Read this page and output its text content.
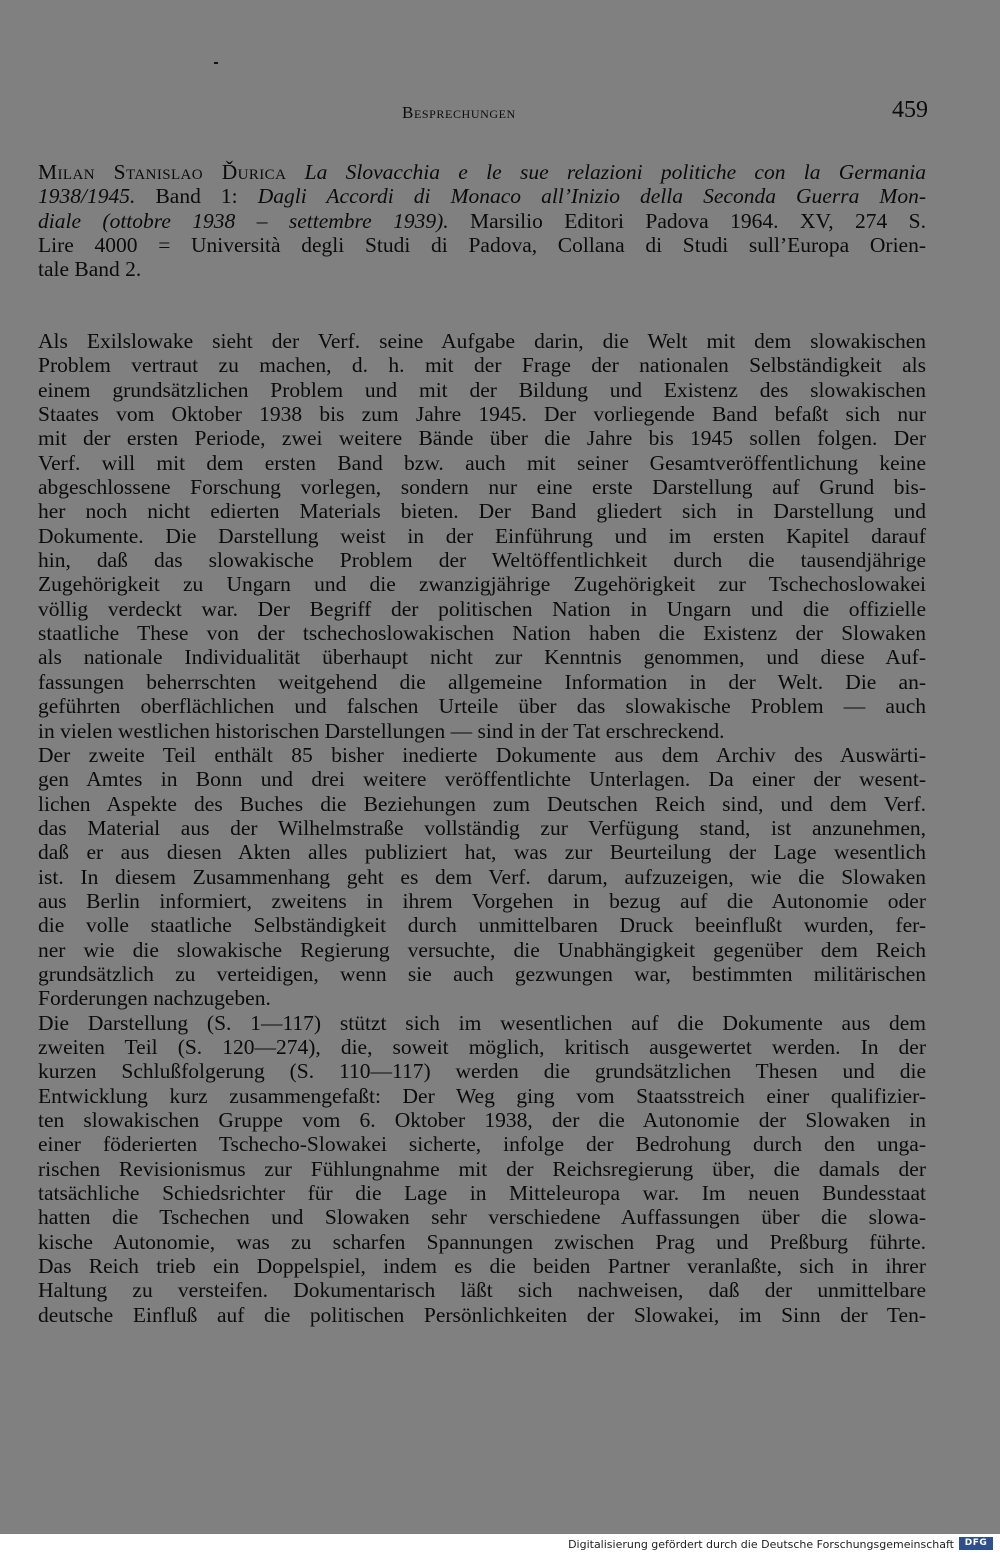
Besprechungen	459
Milan Stanislao Ďurica La Slovacchia e le sue relazioni politiche con la Germania
1938/1945. Band 1: Dagli Accordi di Monaco all’Inizio della Seconda Guerra Mon-
diale (ottobre 1938 – settembre 1939). Marsilio Editori Padova 1964. XV, 274 S.
Lire 4000 = Università degli Studi di Padova, Collana di Studi sull’Europa Orien-
tale Band 2.
Als Exilslowake sieht der Verf. seine Aufgabe darin, die Welt mit dem slowakischen
Problem vertraut zu machen, d. h. mit der Frage der nationalen Selbständigkeit als
einem grundsätzlichen Problem und mit der Bildung und Existenz des slowakischen
Staates vom Oktober 1938 bis zum Jahre 1945. Der vorliegende Band befaßt sich nur
mit der ersten Periode, zwei weitere Bände über die Jahre bis 1945 sollen folgen. Der
Verf. will mit dem ersten Band bzw. auch mit seiner Gesamtveröffentlichung keine
abgeschlossene Forschung vorlegen, sondern nur eine erste Darstellung auf Grund bis-
her noch nicht edierten Materials bieten. Der Band gliedert sich in Darstellung und
Dokumente. Die Darstellung weist in der Einführung und im ersten Kapitel darauf
hin, daß das slowakische Problem der Weltöffentlichkeit durch die tausendjährige
Zugehörigkeit zu Ungarn und die zwanzigjährige Zugehörigkeit zur Tschechoslowakei
völlig verdeckt war. Der Begriff der politischen Nation in Ungarn und die offizielle
staatliche These von der tschechoslowakischen Nation haben die Existenz der Slowaken
als nationale Individualität überhaupt nicht zur Kenntnis genommen, und diese Auf-
fassungen beherrschten weitgehend die allgemeine Information in der Welt. Die an-
geführten oberflächlichen und falschen Urteile über das slowakische Problem — auch
in vielen westlichen historischen Darstellungen — sind in der Tat erschreckend.
Der zweite Teil enthält 85 bisher inedierte Dokumente aus dem Archiv des Auswärti-
gen Amtes in Bonn und drei weitere veröffentlichte Unterlagen. Da einer der wesent-
lichen Aspekte des Buches die Beziehungen zum Deutschen Reich sind, und dem Verf.
das Material aus der Wilhelmstraße vollständig zur Verfügung stand, ist anzunehmen,
daß er aus diesen Akten alles publiziert hat, was zur Beurteilung der Lage wesentlich
ist. In diesem Zusammenhang geht es dem Verf. darum, aufzuzeigen, wie die Slowaken
aus Berlin informiert, zweitens in ihrem Vorgehen in bezug auf die Autonomie oder
die volle staatliche Selbständigkeit durch unmittelbaren Druck beeinflußt wurden, fer-
ner wie die slowakische Regierung versuchte, die Unabhängigkeit gegenüber dem Reich
grundsätzlich zu verteidigen, wenn sie auch gezwungen war, bestimmten militärischen
Forderungen nachzugeben.
Die Darstellung (S. 1—117) stützt sich im wesentlichen auf die Dokumente aus dem
zweiten Teil (S. 120—274), die, soweit möglich, kritisch ausgewertet werden. In der
kurzen Schlußfolgerung (S. 110—117) werden die grundsätzlichen Thesen und die
Entwicklung kurz zusammengefaßt: Der Weg ging vom Staatsstreich einer qualifizier-
ten slowakischen Gruppe vom 6. Oktober 1938, der die Autonomie der Slowaken in
einer föderierten Tschecho-Slowakei sicherte, infolge der Bedrohung durch den unga-
rischen Revisionismus zur Fühlungnahme mit der Reichsregierung über, die damals der
tatsächliche Schiedsrichter für die Lage in Mitteleuropa war. Im neuen Bundesstaat
hatten die Tschechen und Slowaken sehr verschiedene Auffassungen über die slowa-
kische Autonomie, was zu scharfen Spannungen zwischen Prag und Preßburg führte.
Das Reich trieb ein Doppelspiel, indem es die beiden Partner veranlaßte, sich in ihrer
Haltung zu versteifen. Dokumentarisch läßt sich nachweisen, daß der unmittelbare
deutsche Einfluß auf die politischen Persönlichkeiten der Slowakei, im Sinn der Ten-
Digitalisierung gefördert durch die Deutsche Forschungsgemeinschaft	DFG
